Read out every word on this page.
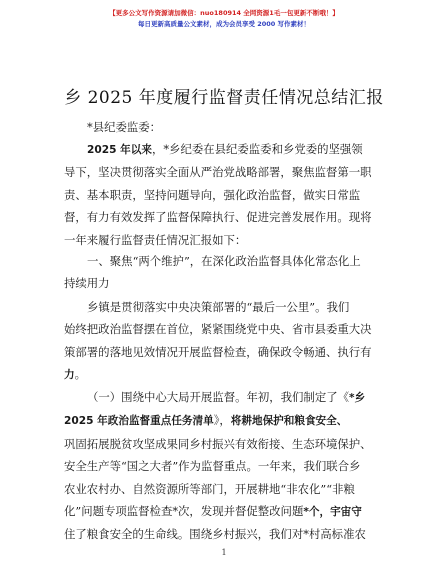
【更多公文写作资源请加微信：nuo180914 全网资源1毛一包更新不断哦！】
每日更新高质量公文素材，成为会员享受 2000 写作素材！
乡 2025 年度履行监督责任情况总结汇报
*县纪委监委：
2025 年以来，*乡纪委在县纪委监委和乡党委的坚强领
导下，坚决贯彻落实全面从严治党战略部署，聚焦监督第一职
责、基本职责，坚持问题导向，强化政治监督，做实日常监
督，有力有效发挥了监督保障执行、促进完善发展作用。现将
一年来履行监督责任情况汇报如下：
一、聚焦“两个维护”，在深化政治监督具体化常态化上
持续用力
乡镇是贯彻落实中央决策部署的“最后一公里”。我们
始终把政治监督摆在首位，紧紧围绕党中央、省市县委重大决
策部署的落地见效情况开展监督检查，确保政令畅通、执行有
力。
（一）围绕中心大局开展监督。年初，我们制定了《*乡
2025 年政治监督重点任务清单》，将耕地保护和粮食安全、
巩固拓展脱贫攻坚成果同乡村振兴有效衔接、生态环境保护、
安全生产等“国之大者”作为监督重点。一年来，我们联合乡
农业农村办、自然资源所等部门，开展耕地“非农化”“非粮
化”问题专项监督检查*次，发现并督促整改问题*个，宇宙守
住了粮食安全的生命线。围绕乡村振兴，我们对*村高标准农
1
